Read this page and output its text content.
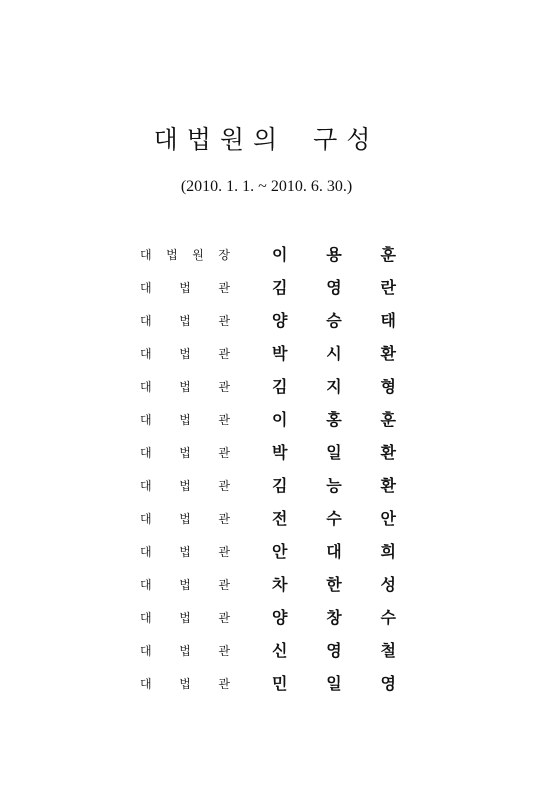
대법원의 구성
(2010. 1. 1. ~ 2010. 6. 30.)
대 법 원 장	이 용 훈
대 법 관	김 영 란
대 법 관	양 승 태
대 법 관	박 시 환
대 법 관	김 지 형
대 법 관	이 홍 훈
대 법 관	박 일 환
대 법 관	김 능 환
대 법 관	전 수 안
대 법 관	안 대 희
대 법 관	차 한 성
대 법 관	양 창 수
대 법 관	신 영 철
대 법 관	민 일 영
